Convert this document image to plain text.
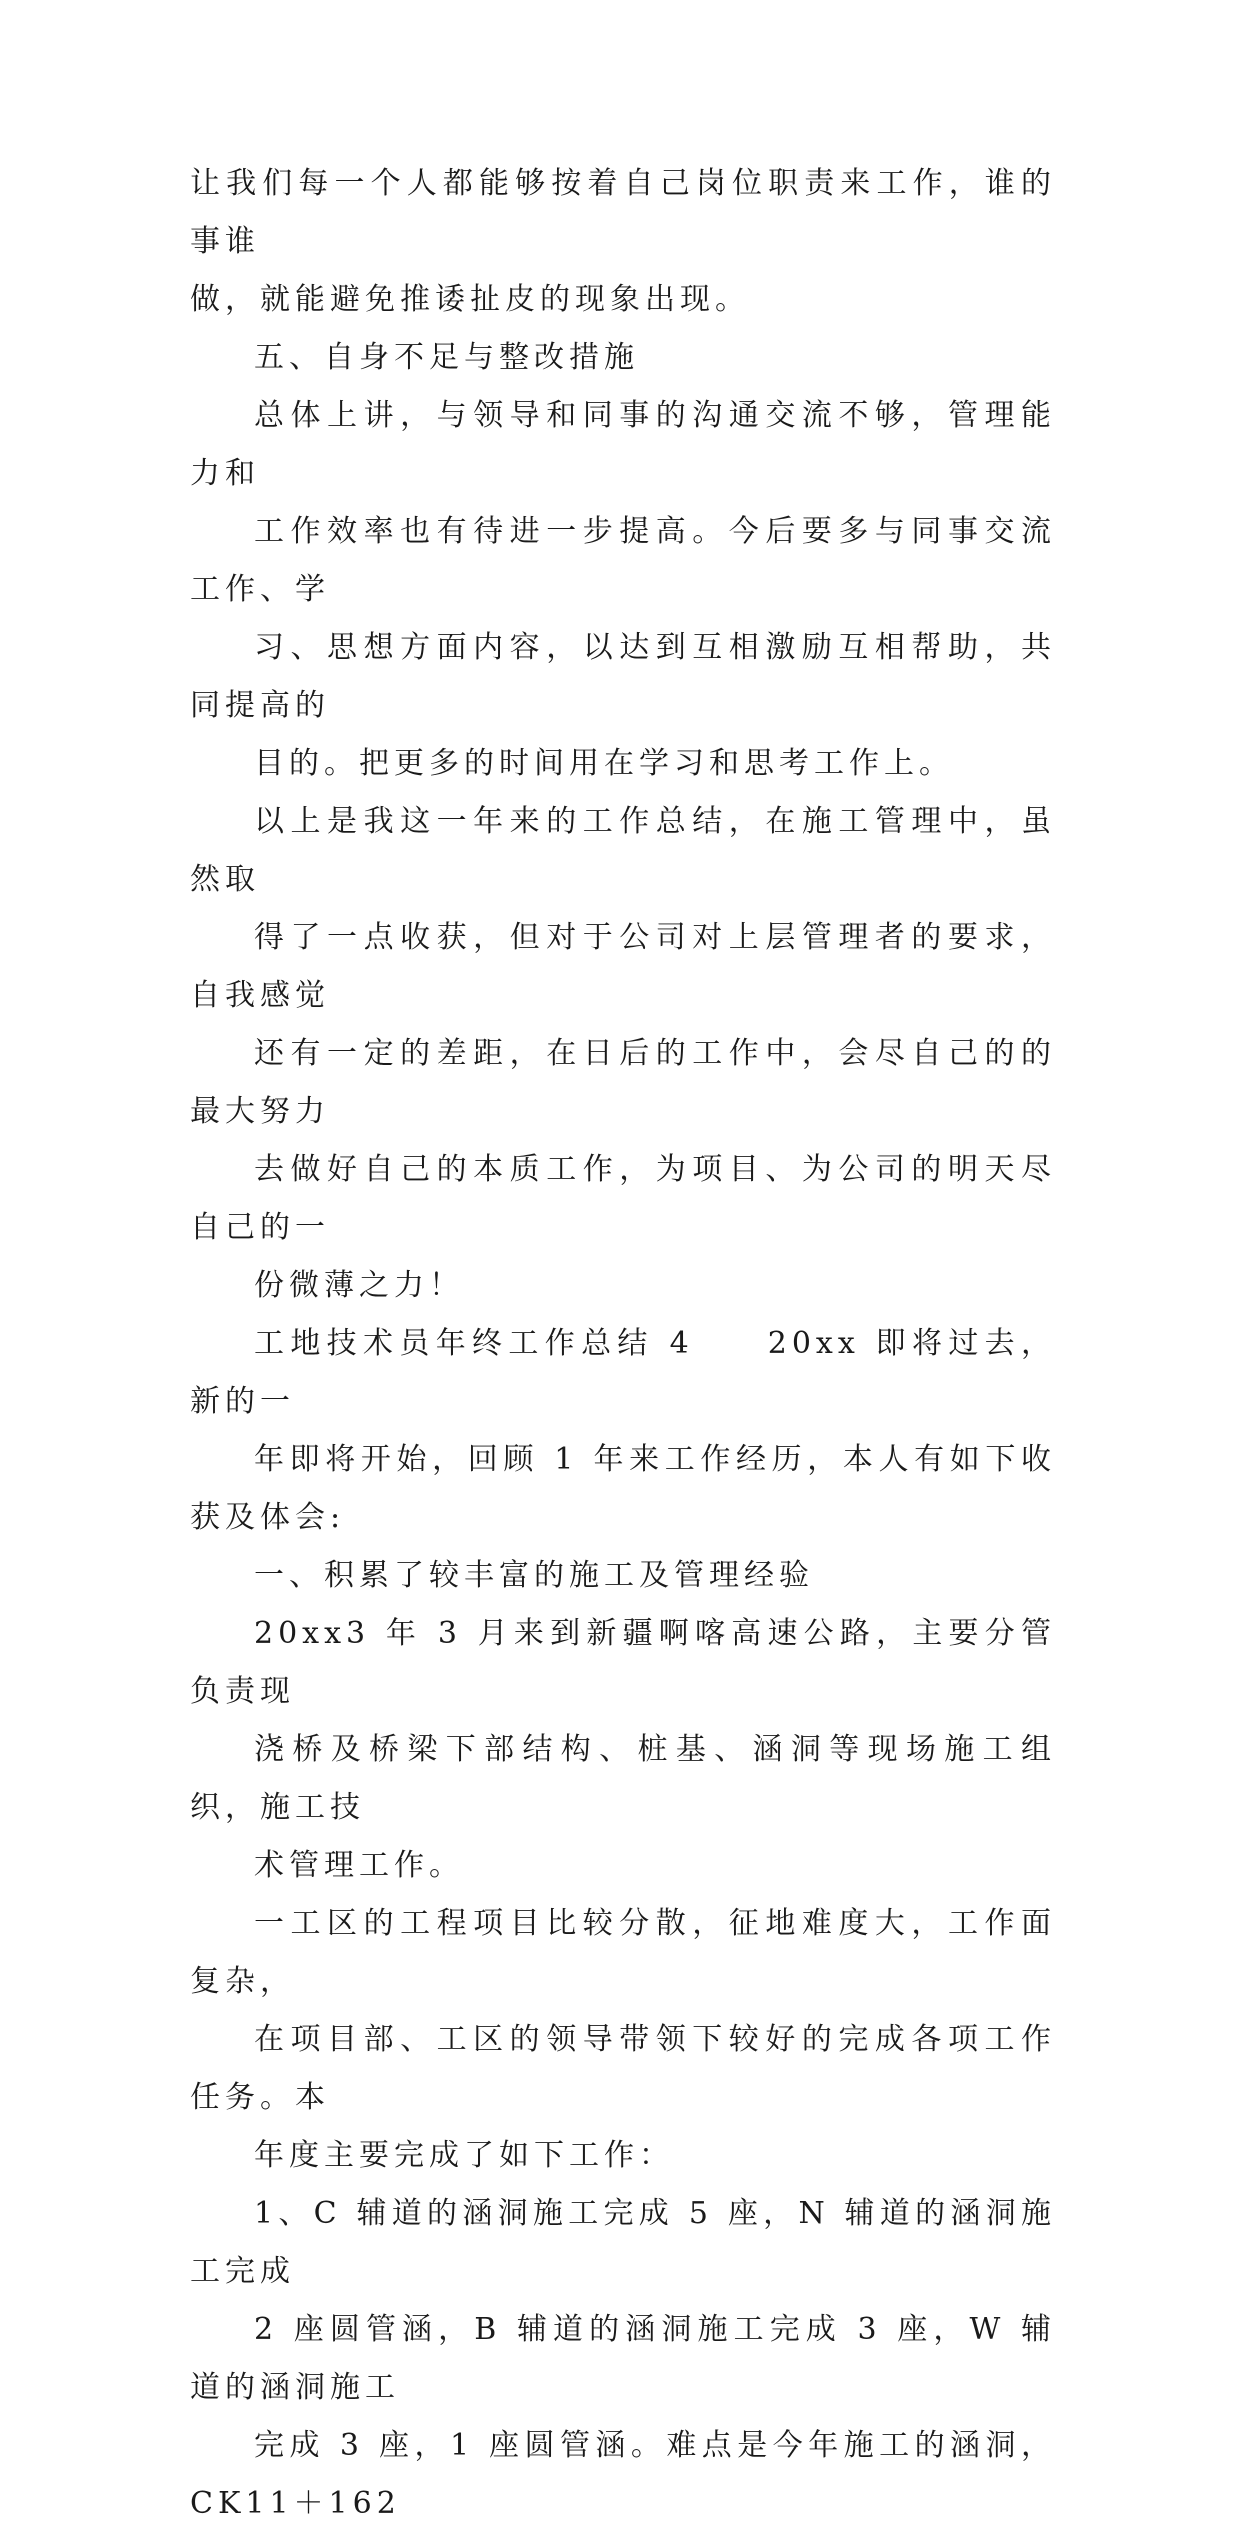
让我们每一个人都能够按着自己岗位职责来工作，谁的事谁
做，就能避免推诿扯皮的现象出现。

五、自身不足与整改措施

总体上讲，与领导和同事的沟通交流不够，管理能力和
工作效率也有待进一步提高。今后要多与同事交流工作、学
习、思想方面内容，以达到互相激励互相帮助，共同提高的
目的。把更多的时间用在学习和思考工作上。

以上是我这一年来的工作总结，在施工管理中，虽然取
得了一点收获，但对于公司对上层管理者的要求，自我感觉
还有一定的差距，在日后的工作中，会尽自己的的最大努力
去做好自己的本质工作，为项目、为公司的明天尽自己的一
份微薄之力！

工地技术员年终工作总结 4　　20xx 即将过去，新的一
年即将开始，回顾 1 年来工作经历，本人有如下收获及体会:

一、积累了较丰富的施工及管理经验

20xx3 年 3 月来到新疆啊喀高速公路，主要分管负责现
浇桥及桥梁下部结构、桩基、涵洞等现场施工组织，施工技
术管理工作。

一工区的工程项目比较分散，征地难度大，工作面复杂，
在项目部、工区的领导带领下较好的完成各项工作任务。本
年度主要完成了如下工作：

1、C 辅道的涵洞施工完成 5 座，N 辅道的涵洞施工完成
2 座圆管涵，B 辅道的涵洞施工完成 3 座，W 辅道的涵洞施工
完成 3 座，1 座圆管涵。难点是今年施工的涵洞，CK11＋162
